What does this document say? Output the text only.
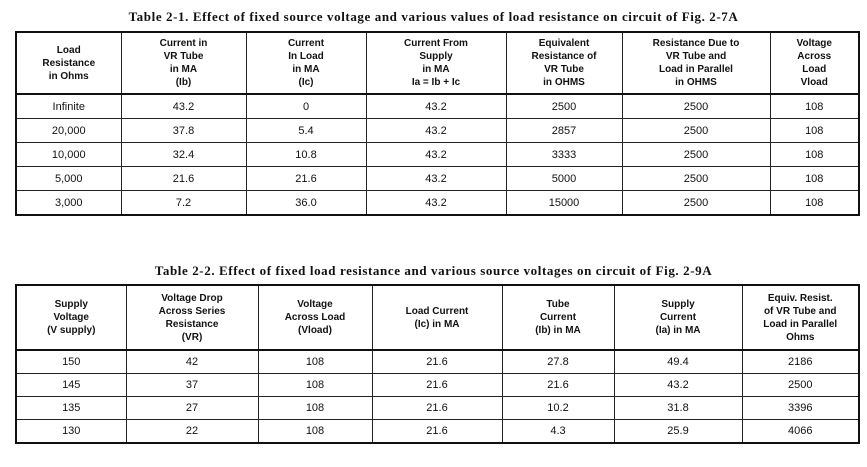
Table 2-1. Effect of fixed source voltage and various values of load resistance on circuit of Fig. 2-7A
Load
Resistance
in Ohms	Current in
VR Tube
in MA
(Ib)	Current
In Load
in MA
(Ic)	Current From
Supply
in MA
Ia = Ib + Ic	Equivalent
Resistance of
VR Tube
in OHMS	Resistance Due to
VR Tube and
Load in Parallel
in OHMS	Voltage
Across
Load
Vload
Infinite	43.2	0	43.2	2500	2500	108
20,000	37.8	5.4	43.2	2857	2500	108
10,000	32.4	10.8	43.2	3333	2500	108
5,000	21.6	21.6	43.2	5000	2500	108
3,000	7.2	36.0	43.2	15000	2500	108
Table 2-2. Effect of fixed load resistance and various source voltages on circuit of Fig. 2-9A
Supply
Voltage
(V supply)	Voltage Drop
Across Series
Resistance
(VR)	Voltage
Across Load
(Vload)	Load Current
(Ic) in MA	Tube
Current
(Ib) in MA	Supply
Current
(Ia) in MA	Equiv. Resist.
of VR Tube and
Load in Parallel
Ohms
150	42	108	21.6	27.8	49.4	2186
145	37	108	21.6	21.6	43.2	2500
135	27	108	21.6	10.2	31.8	3396
130	22	108	21.6	4.3	25.9	4066
